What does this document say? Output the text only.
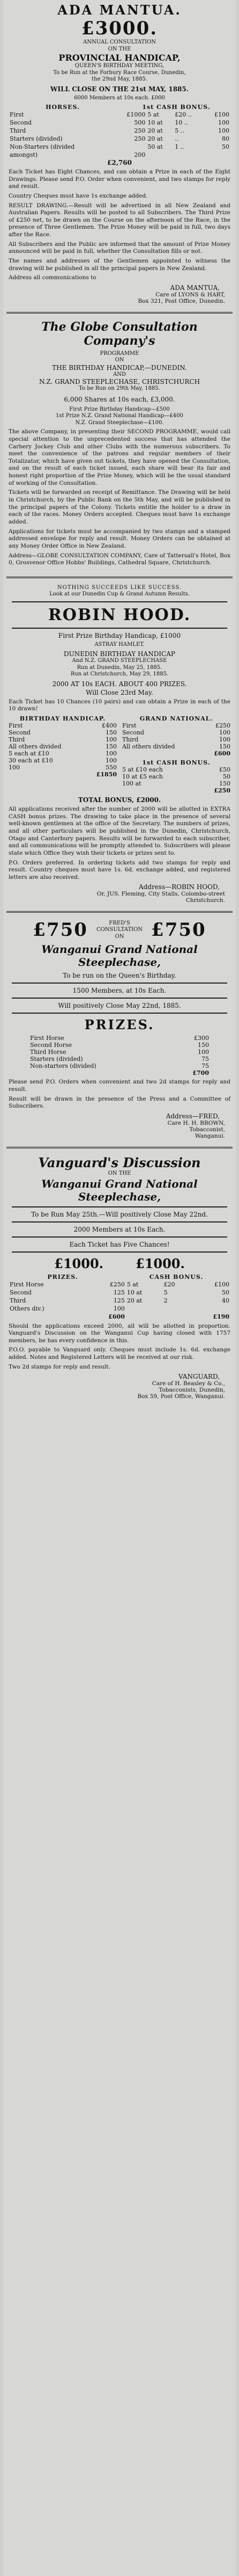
ADA MANTUA.
£3000.
ANNUAL CONSULTATION
ON THE
PROVINCIAL HANDICAP,
QUEEN'S BIRTHDAY MEETING,
To be Run at the Forbury Race Course, Dunedin,
the 29nd May, 1885.
WILL CLOSE ON THE 21st MAY, 1885.
6000 Members at 10s each. £000
HORSES.	1st CASH BONUS.
First	£1000	5 at	£20 ..	£100
Second	500	10 at	10 ..	100
Third	250	20 at	5 ..	100
Starters (divided)	250	20 at	..	80
Non-Starters (divided		50 at	1 ..	50
amongst)	200			
£2,760

Each Ticket has Eight Chances, and can obtain a Prize in each of the Eight Drawings. Please send P.O. Order when convenient, and two stamps for reply and result.

Country Cheques must have 1s exchange added.

RESULT DRAWING.—Result will be advertised in all New Zealand and Australian Papers. Results will be posted to all Subscribers. The Third Prize of £250 net, to be drawn on the Course on the afternoon of the Race, in the presence of Three Gentlemen. The Prize Money will be paid in full, two days after the Race.

All Subscribers and the Public are informed that the amount of Prize Money announced will be paid in full, whether the Consultation fills or not.

The names and addresses of the Gentlemen appointed to witness the drawing will be published in all the principal papers in New Zealand.

Address all communications to

ADA MANTUA,
Care of LYONS & HART,
Box 321, Post Office, Dunedin.
The Globe Consultation Company's
PROGRAMME
ON
THE BIRTHDAY HANDICAP,—DUNEDIN.
AND
N.Z. GRAND STEEPLECHASE, CHRISTCHURCH
To be Run on 29th May, 1885.
6,000 Shares at 10s each, £3,000.
First Prize Birthday Handicap—£500
1st Prize N.Z. Grand National Handicap—£400
N.Z. Grand Steeplechase—£100.

The above Company, in presenting their SECOND PROGRAMME, would call special attention to the unprecedented success that has attended the Carbery Jockey Club and other Clubs with the numerous subscribers. To meet the convenience of the patrons and regular members of their Totalizator, which have given out tickets, they have opened the Consultation, and on the result of each ticket issued, each share will bear its fair and honest right proportion of the Prize Money, which will be the usual standard of working of the Consultation.

Tickets will be forwarded on receipt of Remittance. The Drawing will be held in Christchurch, by the Public Bank on the 5th May, and will be published in the principal papers of the Colony. Tickets entitle the holder to a draw in each of the races. Money Orders accepted. Cheques must have 1s exchange added.

Applications for tickets must be accompanied by two stamps and a stamped addressed envelope for reply and result. Money Orders can be obtained at any Money Order Office in New Zealand.

Address—GLOBE CONSULTATION COMPANY, Care of Tattersall's Hotel, Box 0, Grosvenor Office Hobbs' Buildings, Cathedral Square, Christchurch.

NOTHING SUCCEEDS LIKE SUCCESS.
Look at our Dunedin Cup & Grand Autumn Results.
ROBIN HOOD.
First Prize Birthday Handicap, £1000
ASTRAY HAMLET.
DUNEDIN BIRTHDAY HANDICAP
And N.Z. GRAND STEEPLECHASE
Run at Dunedin, May 25, 1885.
Run at Christchurch, May 29, 1885.
2000 AT 10s EACH. ABOUT 400 PRIZES.
Will Close 23rd May.

Each Ticket has 10 Chances (10 pairs) and can obtain a Prize in each of the 10 drawn!

BIRTHDAY HANDICAP.
First	£400
Second	150
Third	100
All others divided	150
5 each at £10	100
30 each at £10	100
100	550
£1850
GRAND NATIONAL.
First	£250
Second	100
Third	100
All others divided	150
£600
1st CASH BONUS.
5 at £10 each	£50
10 at £5 each	50
100 at	150
£250
TOTAL BONUS, £2000.

All applications received after the number of 2000 will be allotted in EXTRA CASH bonus prizes. The drawing to take place in the presence of several well-known gentlemen at the office of the Secretary. The numbers of prizes, and all other particulars will be published in the Dunedin, Christchurch, Otago and Canterbury papers. Results will be forwarded to each subscriber, and all communications will be promptly attended to. Subscribers will please state which Office they wish their tickets or prizes sent to.

P.O. Orders preferred. In ordering tickets add two stamps for reply and result. Country cheques must have 1s. 6d. exchange added, and registered letters are also received.

Address—ROBIN HOOD,
Or, JUS. Fleming, City Stalls, Colombo-street
Christchurch.
£750	FRED'S
CONSULTATION
ON	£750
Wanganui Grand National Steeplechase,
To be run on the Queen's Birthday.
1500 Members, at 10s Each.
Will positively Close May 22nd, 1885.
PRIZES.
First Horse	£300
Second Horse	150
Third Horse	100
Starters (divided)	75
Non-starters (divided)	75
£700

Please send P.O. Orders when convenient and two 2d stamps for reply and result.

Result will be drawn in the presence of the Press and a Committee of Subscribers.

Address—FRED,
Care H. H. BROWN,
Tobacconist,
Wanganui.
Vanguard's Discussion
ON THE
Wanganui Grand National Steeplechase,
To be Run May 25th.—Will positively Close May 22nd.
2000 Members at 10s Each.
Each Ticket has Five Chances!
£1000.	£1000.
PRIZES.	CASH BONUS.
First Horse	£250	5 at	£20	£100
Second	125	10 at	5	50
Third	125	20 at	2	40
Others div.)	100			
	£600			£190

Should the applications exceed 2000, all will be allotted in proportion. Vanguard's Discussion on the Wanganui Cup having closed with 1757 members, he has every confidence in this.

P.O.O. payable to Vanguard only. Cheques must include 1s. 6d. exchange added. Notes and Registered Letters will be received at our risk.

Two 2d stamps for reply and result.

VANGUARD,
Care of H. Beasley & Co.,
Tobacconists, Dunedin,
Box 59, Post Office, Wanganui.
